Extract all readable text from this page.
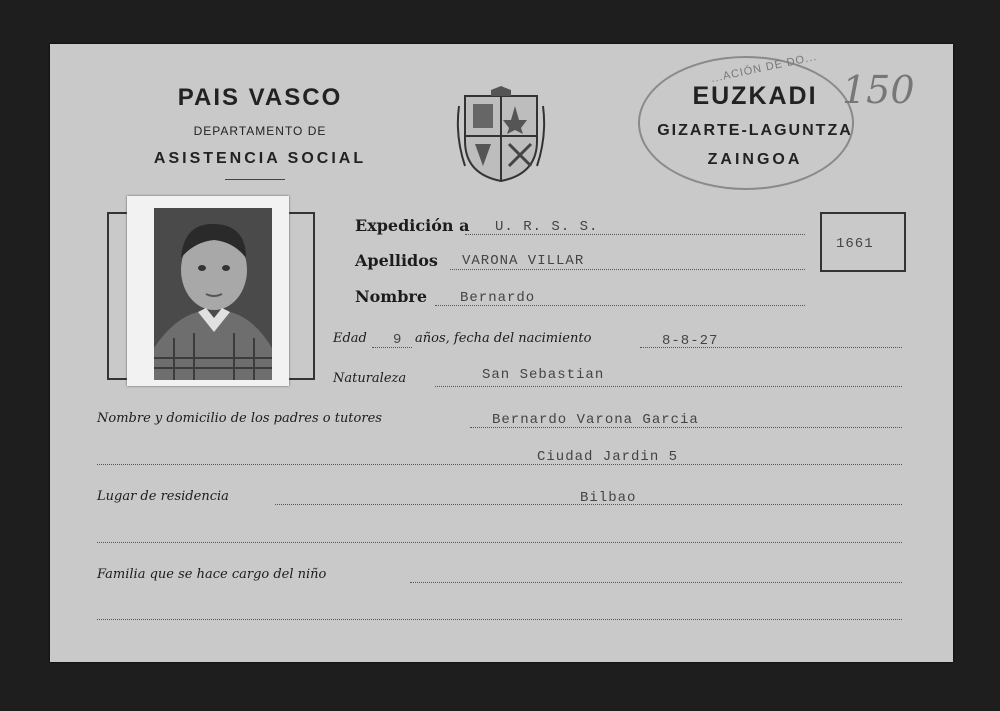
PAIS VASCO
DEPARTAMENTO DE
ASISTENCIA SOCIAL
...ACIÓN DE DO...
EUZKADI
GIZARTE-LAGUNTZA
ZAINGOA
150
Expedición a U. R. S. S.
Apellidos VARONA VILLAR
Nombre Bernardo
Edad 9 años, fecha del nacimiento	8-8-27
Naturaleza	San Sebastian
Nombre y domicilio de los padres o tutores	Bernardo Varona Garcia
Ciudad Jardin 5
Lugar de residencia	Bilbao
Familia que se hace cargo del niño
1661
